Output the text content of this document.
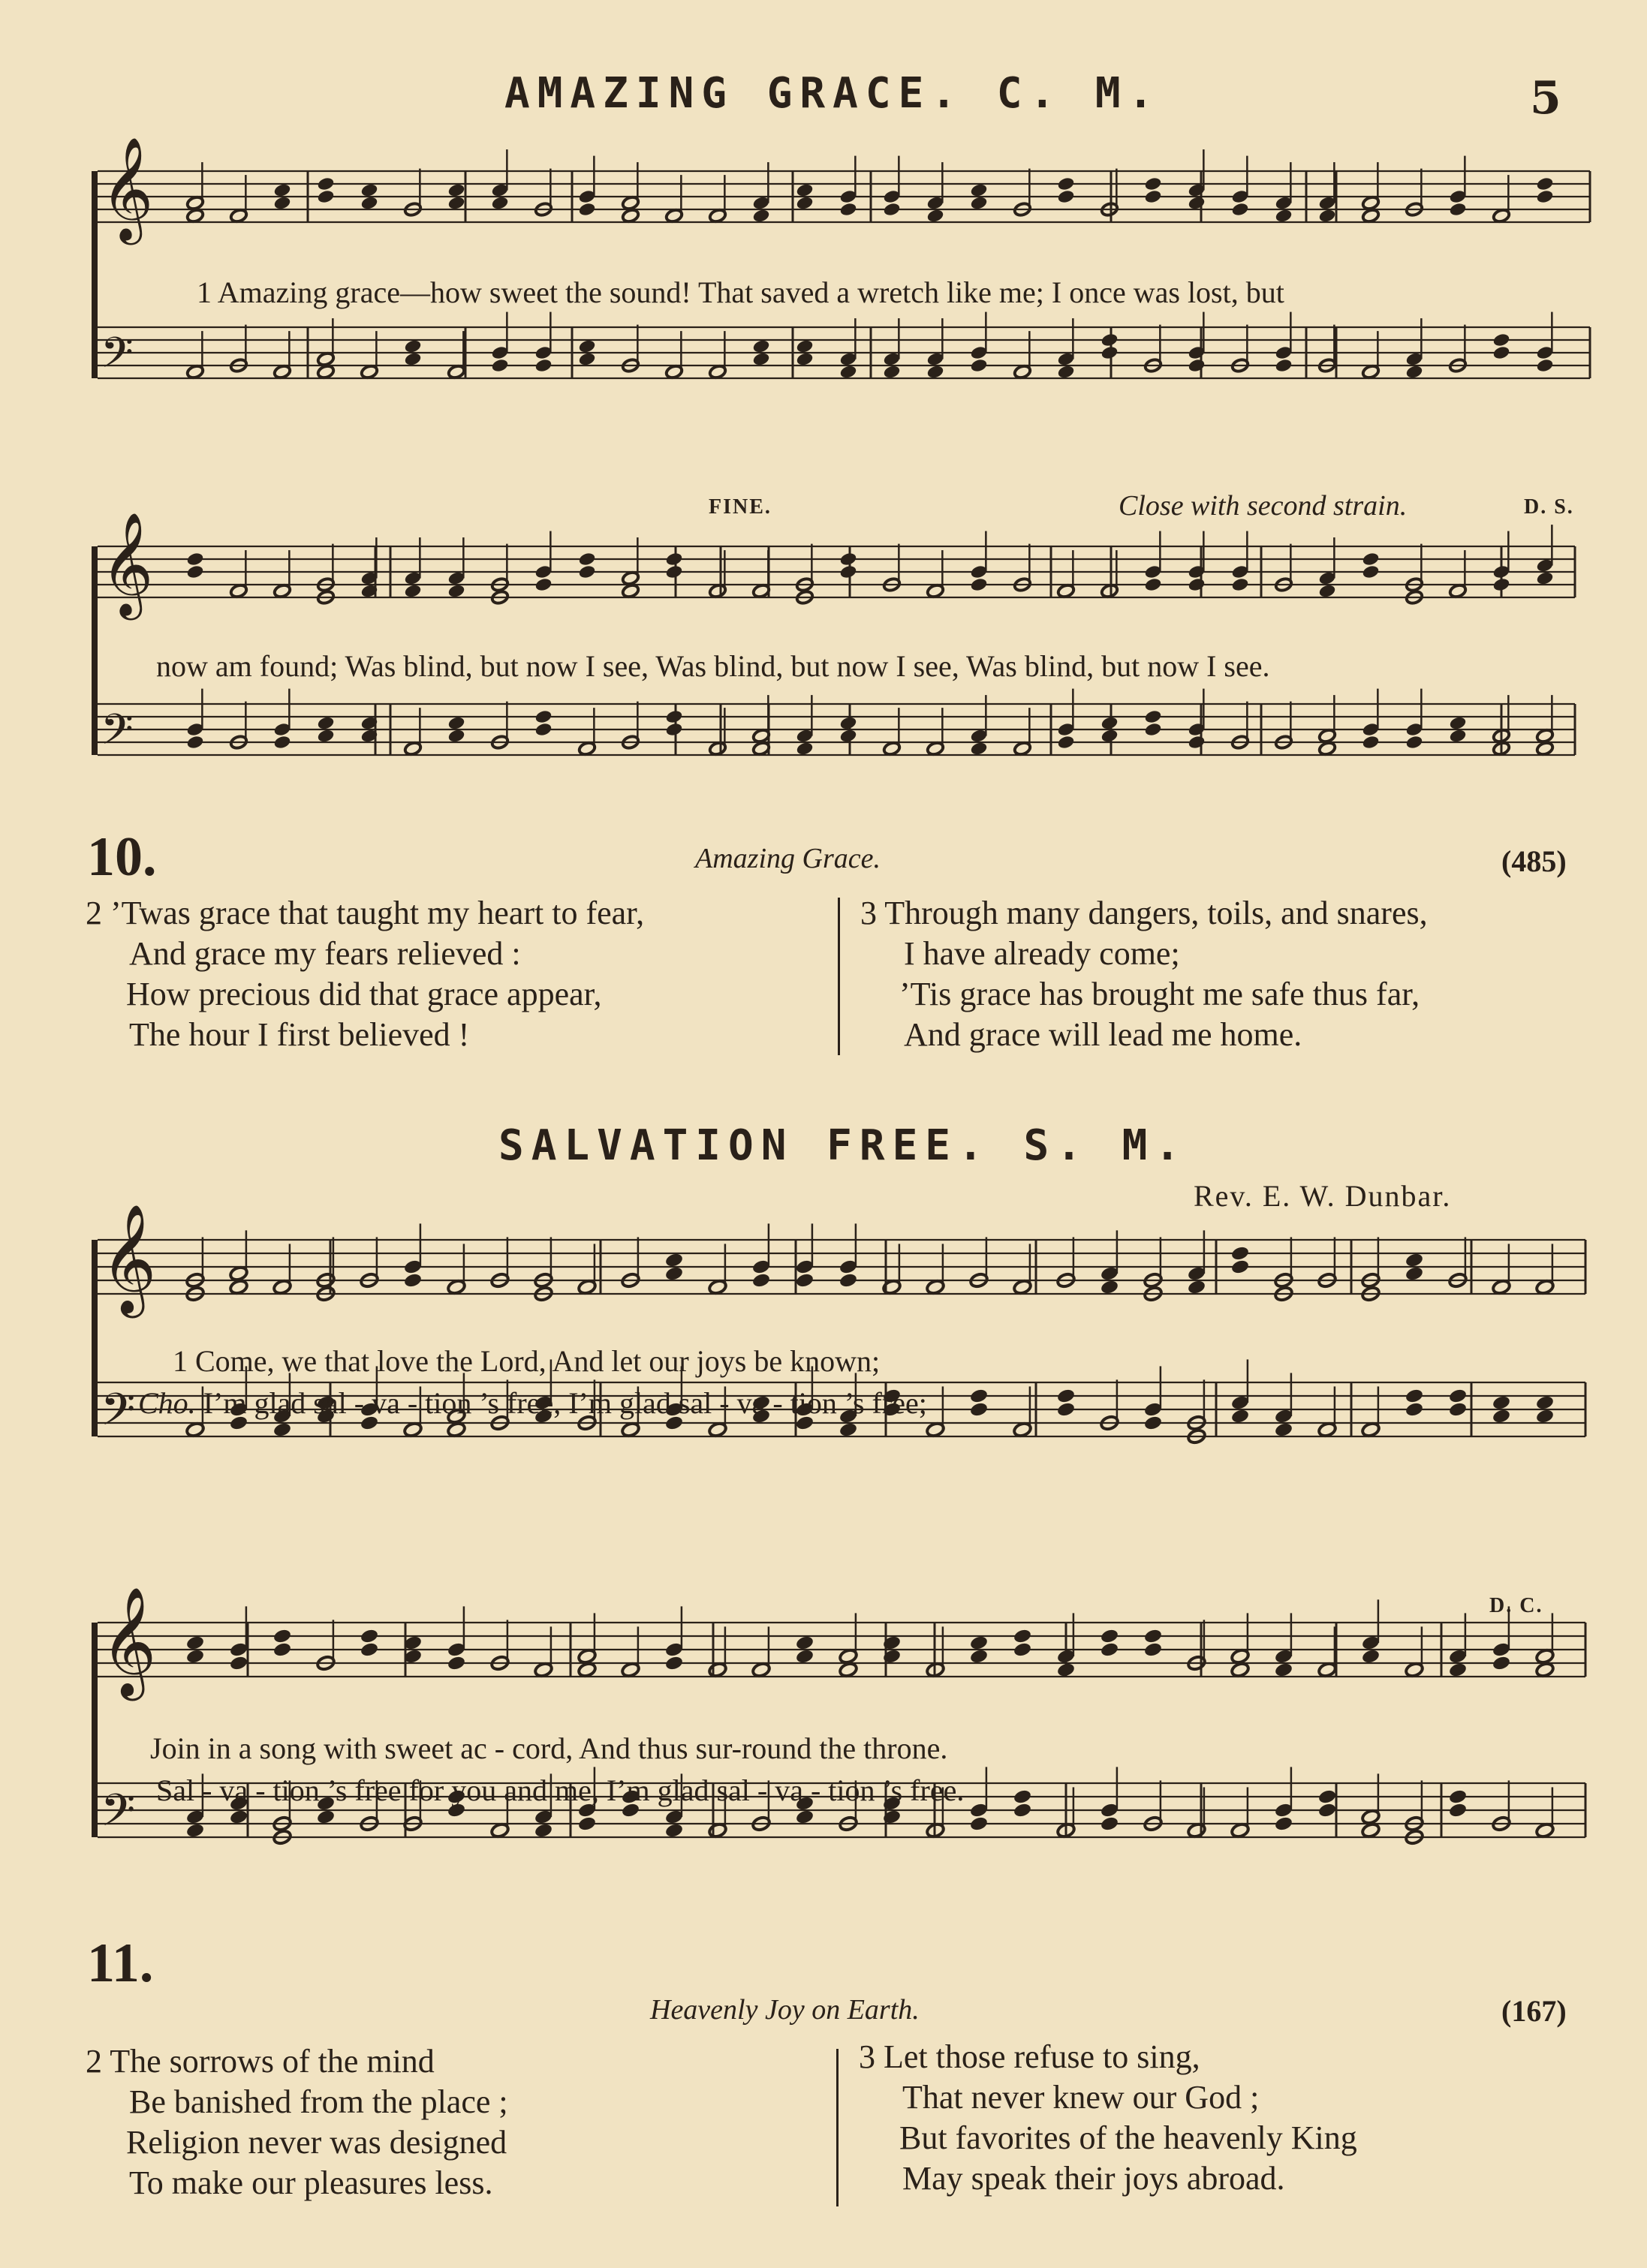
AMAZING GRACE. C. M.	5
𝄞
𝄢
1 Amazing grace—how sweet the sound! That saved a wretch like me; I once was lost, but
FINE.	Close with second strain.	D. S.
𝄞
𝄢
now am found; Was blind, but now I see, Was blind, but now I see, Was blind, but now I see.
10.	Amazing Grace.	(485)
2 ’Twas grace that taught my heart to fear,
And grace my fears relieved :
How precious did that grace appear,
The hour I first believed !
3 Through many dangers, toils, and snares,
I have already come;
’Tis grace has brought me safe thus far,
And grace will lead me home.
SALVATION FREE. S. M.
Rev. E. W. Dunbar.
𝄞
𝄢
1 Come, we that love the Lord, And let our joys be known;
Cho. I’m glad sal - va - tion ’s free, I’m glad sal - va - tion ’s free;
D. C.
𝄞
𝄢
Join in a song with sweet ac - cord, And thus sur-round the throne.
Sal - va - tion ’s free for you and me, I’m glad sal - va - tion ’s free.
11.
Heavenly Joy on Earth.	(167)
2 The sorrows of the mind
Be banished from the place ;
Religion never was designed
To make our pleasures less.
3 Let those refuse to sing,
That never knew our God ;
But favorites of the heavenly King
May speak their joys abroad.
